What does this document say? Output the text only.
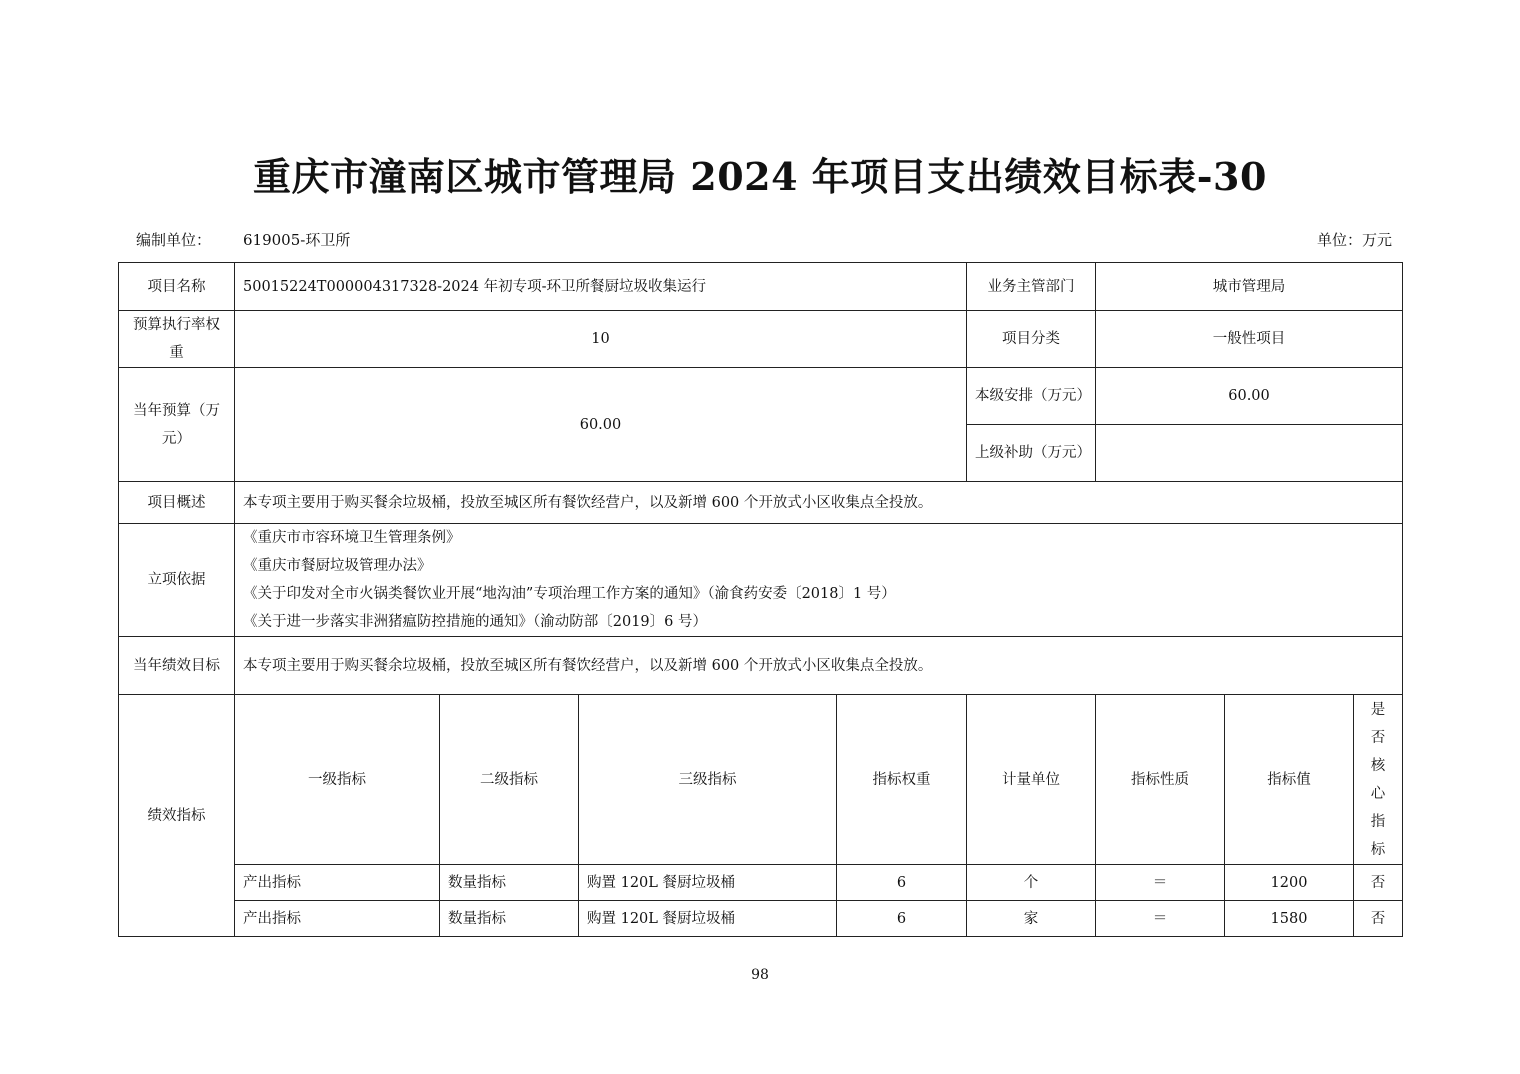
重庆市潼南区城市管理局 2024 年项目支出绩效目标表-30
编制单位： 619005-环卫所	单位：万元
项目名称	50015224T000004317328-2024 年初专项-环卫所餐厨垃圾收集运行				业务主管部门	城市管理局		
预算执行率权重	10				项目分类	一般性项目		
当年预算（万元）	60.00				本级安排（万元）	60.00		
					上级补助（万元）			
项目概述	本专项主要用于购买餐余垃圾桶，投放至城区所有餐饮经营户，以及新增 600 个开放式小区收集点全投放。							
立项依据	《重庆市市容环境卫生管理条例》
《重庆市餐厨垃圾管理办法》
《关于印发对全市火锅类餐饮业开展“地沟油”专项治理工作方案的通知》（渝食药安委〔2018〕1 号）
《关于进一步落实非洲猪瘟防控措施的通知》（渝动防部〔2019〕6 号）							

当年绩效目标	本专项主要用于购买餐余垃圾桶，投放至城区所有餐饮经营户，以及新增 600 个开放式小区收集点全投放。							
绩效指标	一级指标	二级指标	三级指标	指标权重	计量单位	指标性质	指标值	是否核心指标

	产出指标	数量指标	购置 120L 餐厨垃圾桶	6	个	＝	1200	否
	产出指标	数量指标	购置 120L 餐厨垃圾桶	6	家	＝	1580	否
98
